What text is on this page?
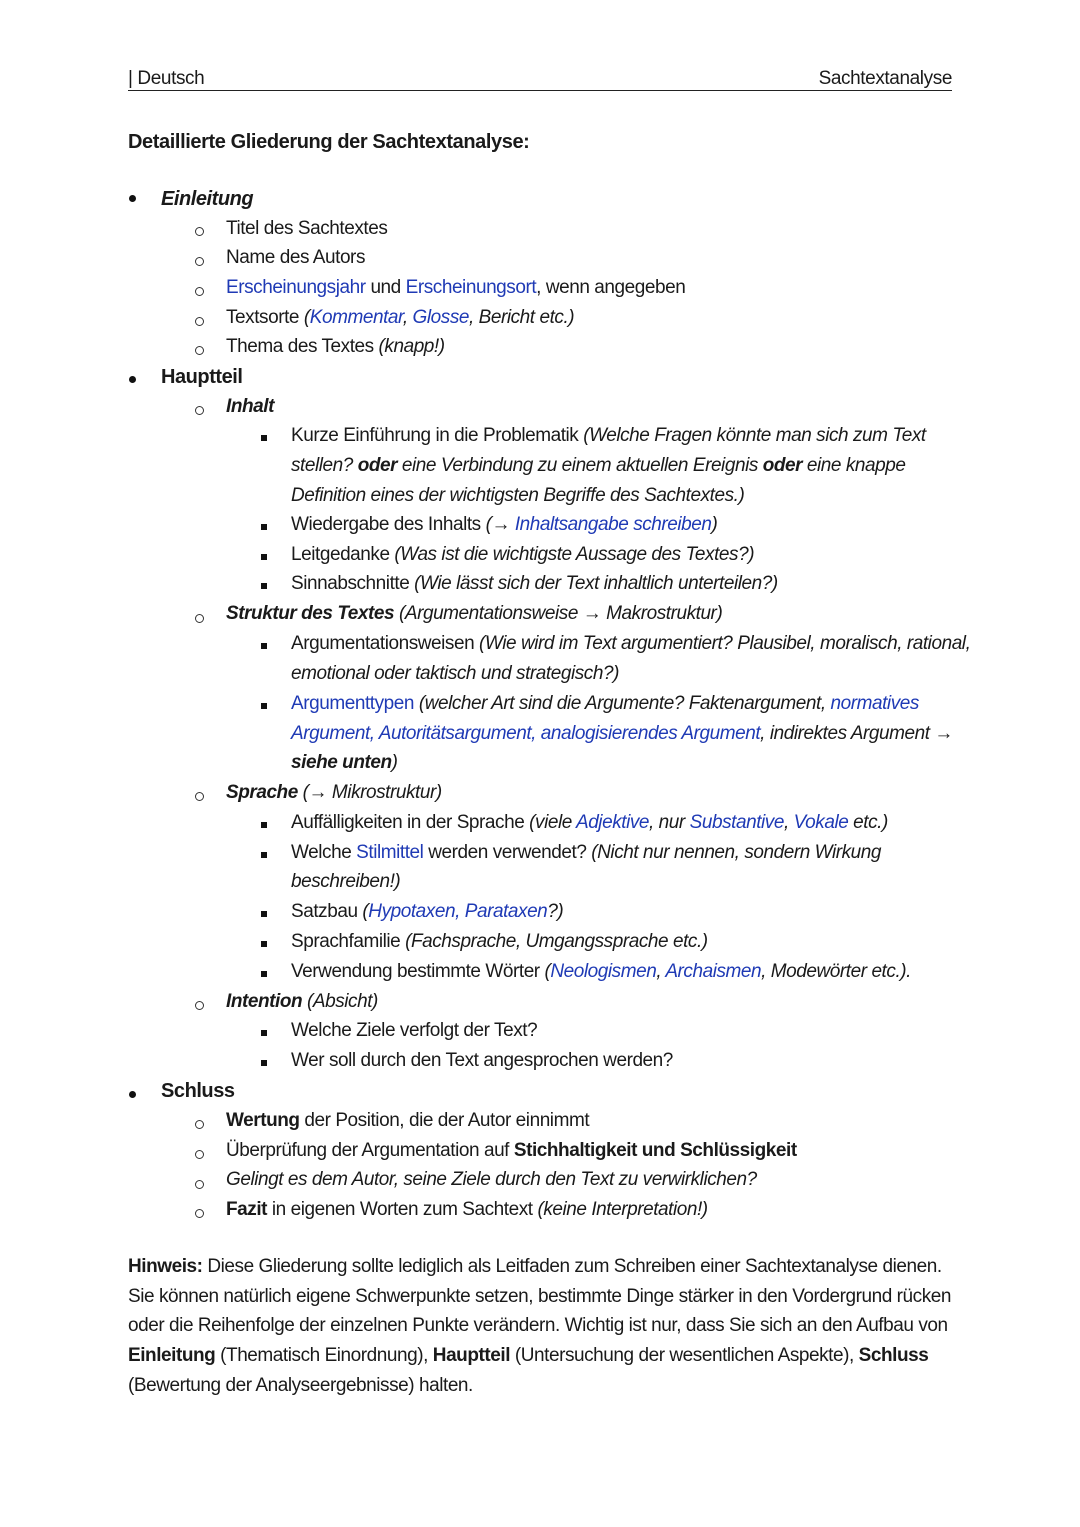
| Deutsch	Sachtextanalyse
Detaillierte Gliederung der Sachtextanalyse:
Einleitung
Titel des Sachtextes
Name des Autors
Erscheinungsjahr und Erscheinungsort, wenn angegeben
Textsorte (Kommentar, Glosse, Bericht etc.)
Thema des Textes (knapp!)
Hauptteil
Inhalt
Kurze Einführung in die Problematik (Welche Fragen könnte man sich zum Text
stellen? oder eine Verbindung zu einem aktuellen Ereignis oder eine knappe
Definition eines der wichtigsten Begriffe des Sachtextes.)
Wiedergabe des Inhalts (→ Inhaltsangabe schreiben)
Leitgedanke (Was ist die wichtigste Aussage des Textes?)
Sinnabschnitte (Wie lässt sich der Text inhaltlich unterteilen?)
Struktur des Textes (Argumentationsweise → Makrostruktur)
Argumentationsweisen (Wie wird im Text argumentiert? Plausibel, moralisch, rational,
emotional oder taktisch und strategisch?)
Argumenttypen (welcher Art sind die Argumente? Faktenargument, normatives
Argument, Autoritätsargument, analogisierendes Argument, indirektes Argument →
siehe unten)
Sprache (→ Mikrostruktur)
Auffälligkeiten in der Sprache (viele Adjektive, nur Substantive, Vokale etc.)
Welche Stilmittel werden verwendet? (Nicht nur nennen, sondern Wirkung
beschreiben!)
Satzbau (Hypotaxen, Parataxen?)
Sprachfamilie (Fachsprache, Umgangssprache etc.)
Verwendung bestimmte Wörter (Neologismen, Archaismen, Modewörter etc.).
Intention (Absicht)
Welche Ziele verfolgt der Text?
Wer soll durch den Text angesprochen werden?
Schluss
Wertung der Position, die der Autor einnimmt
Überprüfung der Argumentation auf Stichhaltigkeit und Schlüssigkeit
Gelingt es dem Autor, seine Ziele durch den Text zu verwirklichen?
Fazit in eigenen Worten zum Sachtext (keine Interpretation!)
Hinweis: Diese Gliederung sollte lediglich als Leitfaden zum Schreiben einer Sachtextanalyse dienen. Sie können natürlich eigene Schwerpunkte setzen, bestimmte Dinge stärker in den Vordergrund rücken oder die Reihenfolge der einzelnen Punkte verändern. Wichtig ist nur, dass Sie sich an den Aufbau von Einleitung (Thematisch Einordnung), Hauptteil (Untersuchung der wesentlichen Aspekte), Schluss (Bewertung der Analyseergebnisse) halten.
